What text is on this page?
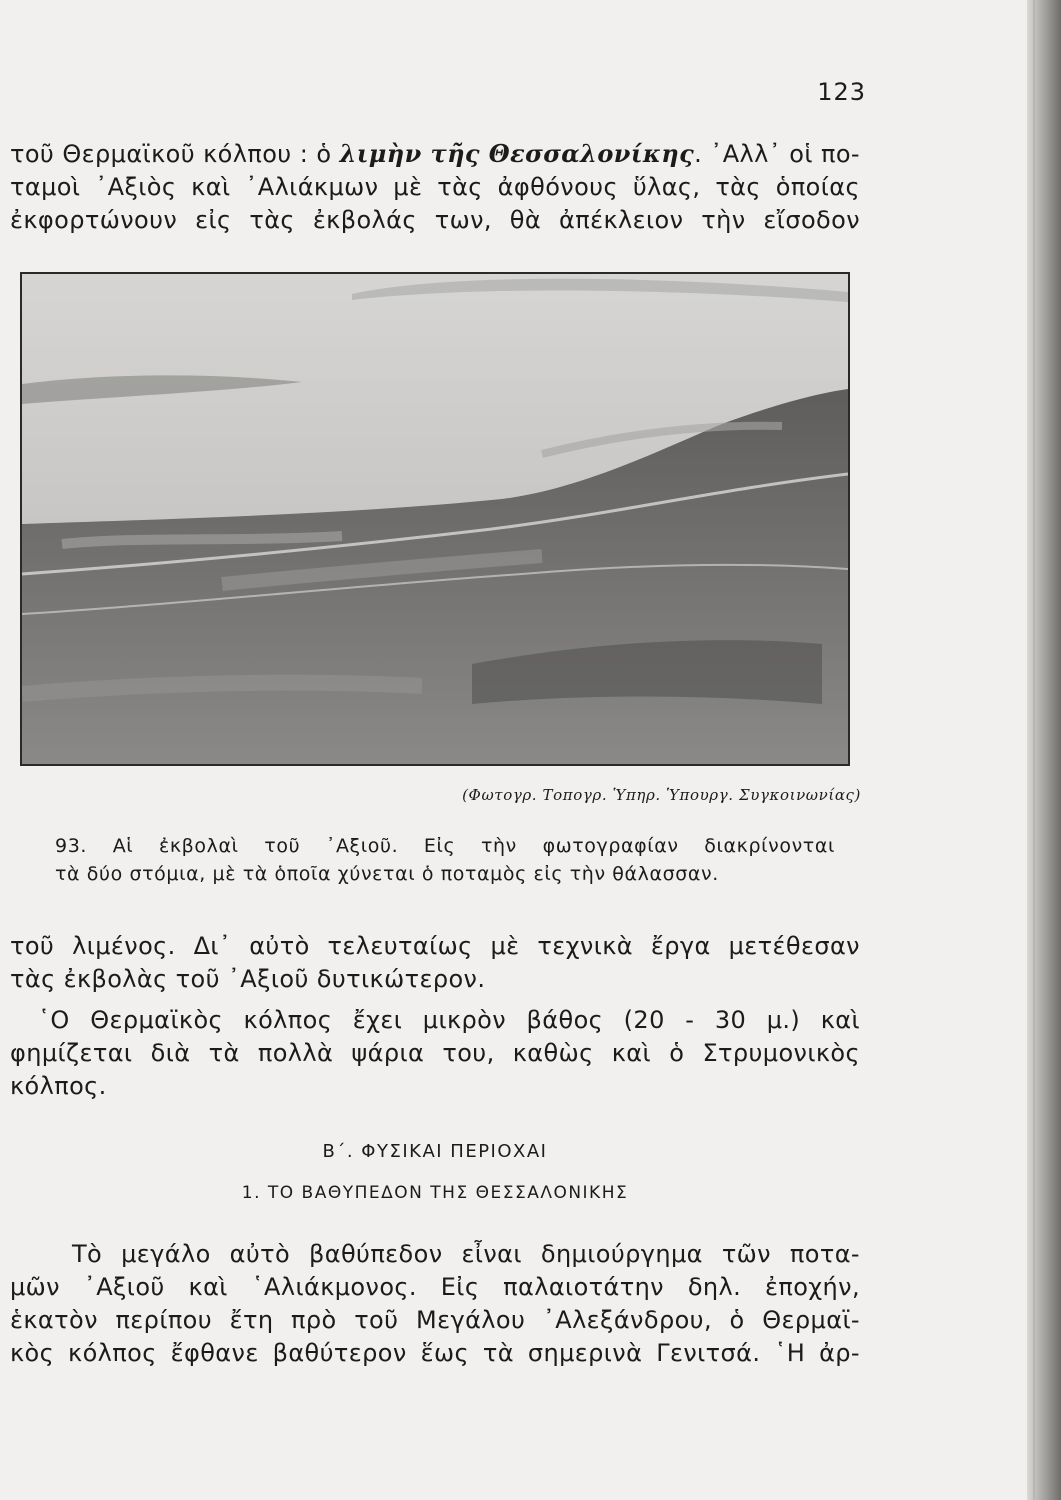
123
τοῦ Θερμαϊκοῦ κόλπου : ὁ λιμὴν τῆς Θεσσαλονίκης. ᾿Αλλ᾿ οἱ πο-
ταμοὶ ᾿Αξιὸς καὶ ᾿Αλιάκμων μὲ τὰς ἀφθόνους ὕλας, τὰς ὁποίας
ἐκφορτώνουν εἰς τὰς ἐκβολάς των, θὰ ἀπέκλειον τὴν εἴσοδον
(Φωτογρ. Τοπογρ. Ὑπηρ. Ὑπουργ. Συγκοινωνίας)
93. Αἱ ἐκβολαὶ τοῦ ᾿Αξιοῦ. Εἰς τὴν φωτογραφίαν διακρίνονται
τὰ δύο στόμια, μὲ τὰ ὁποῖα χύνεται ὁ ποταμὸς εἰς τὴν θάλασσαν.
τοῦ λιμένος. Δι᾿ αὐτὸ τελευταίως μὲ τεχνικὰ ἔργα μετέθεσαν
τὰς ἐκβολὰς τοῦ ᾿Αξιοῦ δυτικώτερον.
῾Ο Θερμαϊκὸς κόλπος ἔχει μικρὸν βάθος (20 - 30 μ.) καὶ
φημίζεται διὰ τὰ πολλὰ ψάρια του, καθὼς καὶ ὁ Στρυμονικὸς
κόλπος.
Β΄. ΦΥΣΙΚΑΙ ΠΕΡΙΟΧΑΙ
1. ΤΟ ΒΑΘΥΠΕΔΟΝ ΤΗΣ ΘΕΣΣΑΛΟΝΙΚΗΣ
Τὸ μεγάλο αὐτὸ βαθύπεδον εἶναι δημιούργημα τῶν ποτα-
μῶν ᾿Αξιοῦ καὶ ῾Αλιάκμονος. Εἰς παλαιοτάτην δηλ. ἐποχήν,
ἑκατὸν περίπου ἔτη πρὸ τοῦ Μεγάλου ᾿Αλεξάνδρου, ὁ Θερμαϊ-
κὸς κόλπος ἔφθανε βαθύτερον ἕως τὰ σημερινὰ Γενιτσά. ῾Η ἀρ-
